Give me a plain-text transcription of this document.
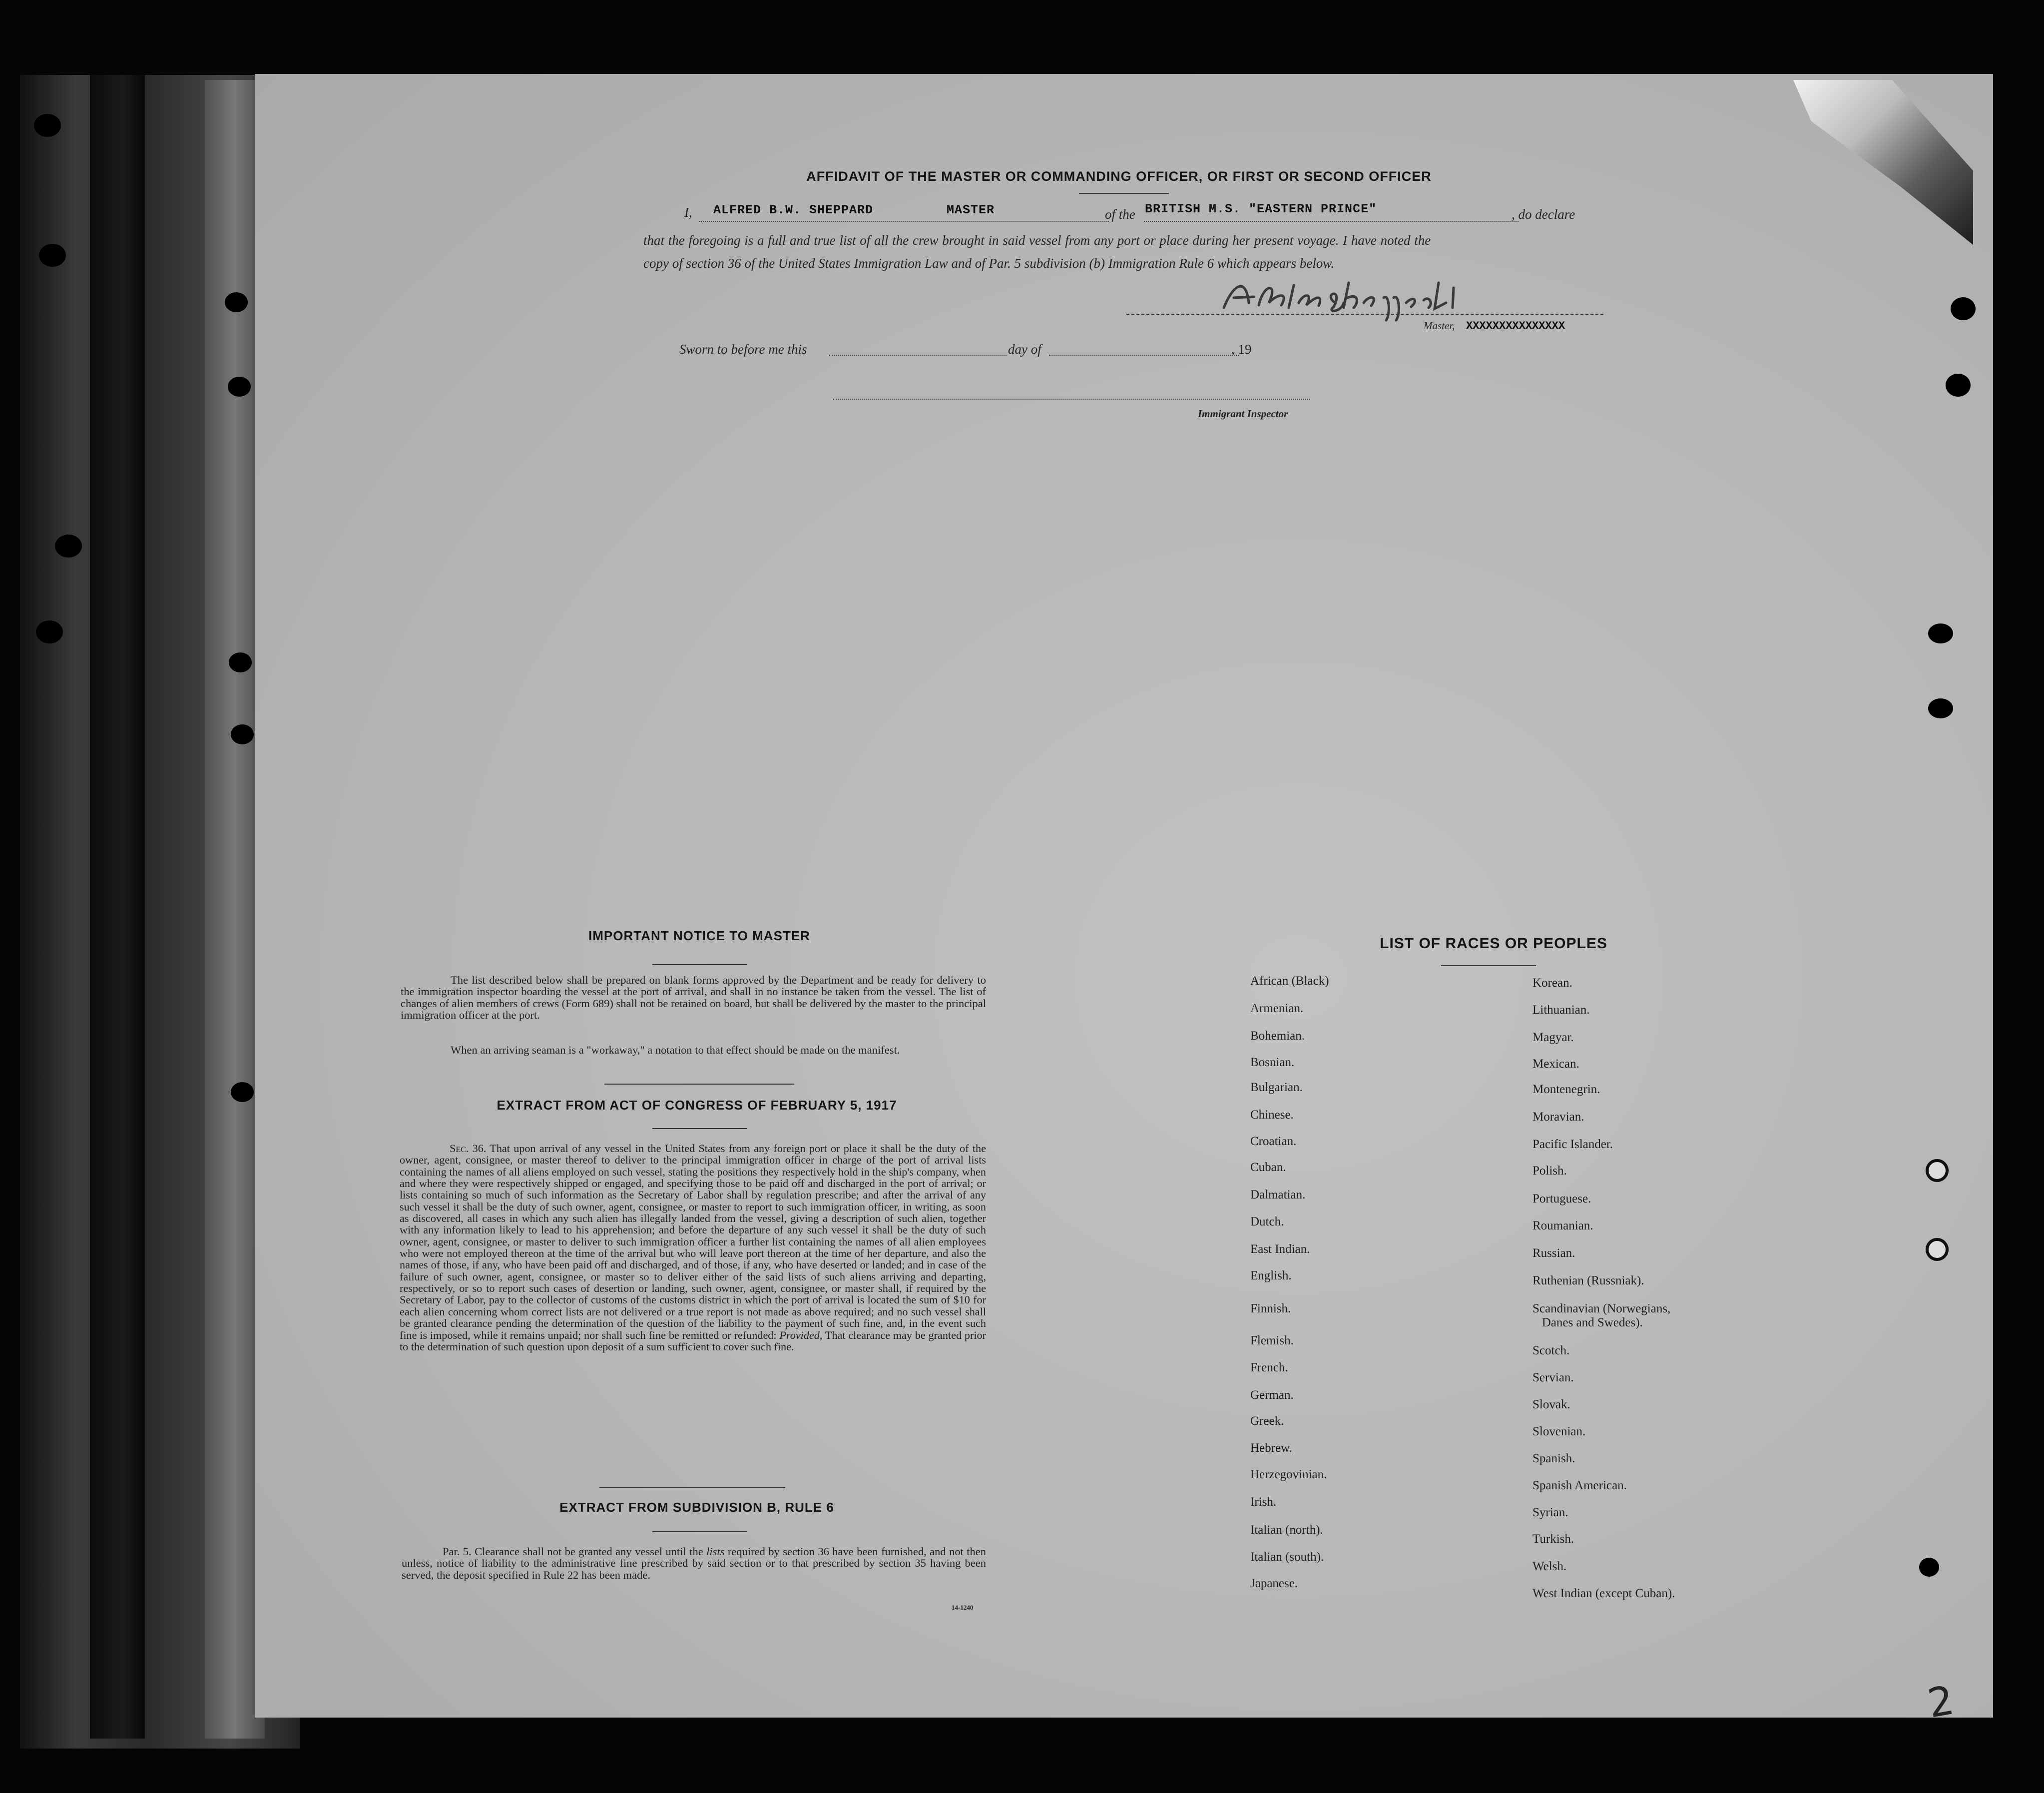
AFFIDAVIT OF THE MASTER OR COMMANDING OFFICER, OR FIRST OR SECOND OFFICER
I, ALFRED B.W. SHEPPARD	MASTER	of the BRITISH M.S. "EASTERN PRINCE"	, do declare
that the foregoing is a full and true list of all the crew brought in said vessel from any port or place during her present voyage. I have noted the
copy of section 36 of the United States Immigration Law and of Par. 5 subdivision (b) Immigration Rule 6 which appears below.
Master, XXXXXXXXXXXXXXX
Sworn to before me this	day of	, 19
Immigrant Inspector
IMPORTANT NOTICE TO MASTER

The list described below shall be prepared on blank forms approved by the Department and be ready for delivery to the immigration inspector boarding the vessel at the port of arrival, and shall in no instance be taken from the vessel. The list of changes of alien members of crews (Form 689) shall not be retained on board, but shall be delivered by the master to the principal immigration officer at the port.

When an arriving seaman is a "workaway," a notation to that effect should be made on the manifest.

EXTRACT FROM ACT OF CONGRESS OF FEBRUARY 5, 1917

Sec. 36. That upon arrival of any vessel in the United States from any foreign port or place it shall be the duty of the owner, agent, consignee, or master thereof to deliver to the principal immigration officer in charge of the port of arrival lists containing the names of all aliens employed on such vessel, stating the positions they respectively hold in the ship's company, when and where they were respectively shipped or engaged, and specifying those to be paid off and discharged in the port of arrival; or lists containing so much of such information as the Secretary of Labor shall by regulation prescribe; and after the arrival of any such vessel it shall be the duty of such owner, agent, consignee, or master to report to such immigration officer, in writing, as soon as discovered, all cases in which any such alien has illegally landed from the vessel, giving a description of such alien, together with any information likely to lead to his apprehension; and before the departure of any such vessel it shall be the duty of such owner, agent, consignee, or master to deliver to such immigration officer a further list containing the names of all alien employees who were not employed thereon at the time of the arrival but who will leave port thereon at the time of her departure, and also the names of those, if any, who have been paid off and discharged, and of those, if any, who have deserted or landed; and in case of the failure of such owner, agent, consignee, or master so to deliver either of the said lists of such aliens arriving and departing, respectively, or so to report such cases of desertion or landing, such owner, agent, consignee, or master shall, if required by the Secretary of Labor, pay to the collector of customs of the customs district in which the port of arrival is located the sum of $10 for each alien concerning whom correct lists are not delivered or a true report is not made as above required; and no such vessel shall be granted clearance pending the determination of the question of the liability to the payment of such fine, and, in the event such fine is imposed, while it remains unpaid; nor shall such fine be remitted or refunded: Provided, That clearance may be granted prior to the determination of such question upon deposit of a sum sufficient to cover such fine.

EXTRACT FROM SUBDIVISION B, RULE 6

Par. 5. Clearance shall not be granted any vessel until the lists required by section 36 have been furnished, and not then unless, notice of liability to the administrative fine prescribed by said section or to that prescribed by section 35 having been served, the deposit specified in Rule 22 has been made.

14-1240
LIST OF RACES OR PEOPLES
African (Black)
Armenian.
Bohemian.
Bosnian.
Bulgarian.
Chinese.
Croatian.
Cuban.
Dalmatian.
Dutch.
East Indian.
English.
Finnish.
Flemish.
French.
German.
Greek.
Hebrew.
Herzegovinian.
Irish.
Italian (north).
Italian (south).
Japanese.
Korean.
Lithuanian.
Magyar.
Mexican.
Montenegrin.
Moravian.
Pacific Islander.
Polish.
Portuguese.
Roumanian.
Russian.
Ruthenian (Russniak).
Scandinavian (Norwegians,
Danes and Swedes).
Scotch.
Servian.
Slovak.
Slovenian.
Spanish.
Spanish American.
Syrian.
Turkish.
Welsh.
West Indian (except Cuban).
2
